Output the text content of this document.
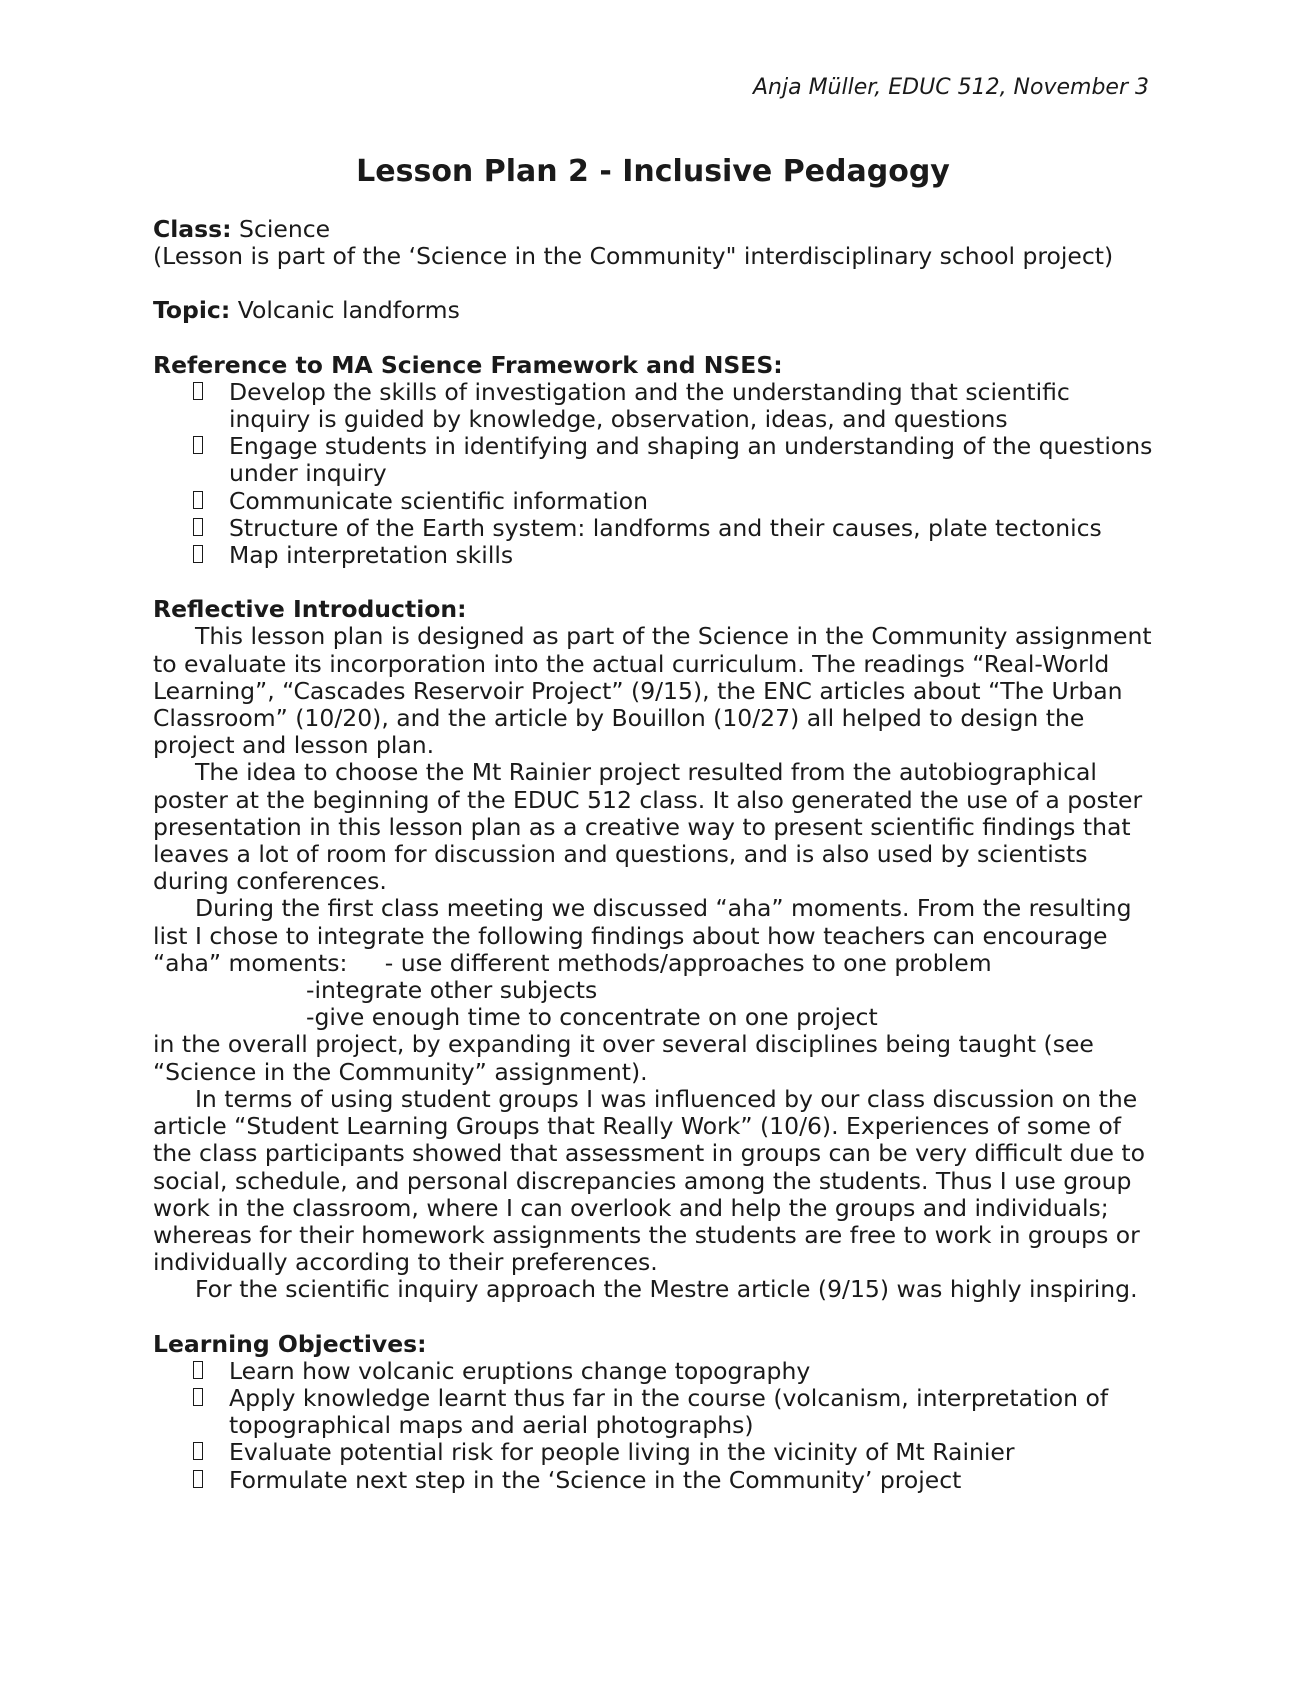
Anja Müller, EDUC 512, November 3
Lesson Plan 2 - Inclusive Pedagogy
Class: Science
(Lesson is part of the ‘Science in the Community" interdisciplinary school project)
Topic: Volcanic landforms
Reference to MA Science Framework and NSES:
Develop the skills of investigation and the understanding that scientific inquiry is guided by knowledge, observation, ideas, and questions
Engage students in identifying and shaping an understanding of the questions under inquiry
Communicate scientific information
Structure of the Earth system: landforms and their causes, plate tectonics
Map interpretation skills
Reflective Introduction:

This lesson plan is designed as part of the Science in the Community assignment to evaluate its incorporation into the actual curriculum. The readings “Real-World Learning”, “Cascades Reservoir Project” (9/15), the ENC articles about “The Urban Classroom” (10/20), and the article by Bouillon (10/27) all helped to design the project and lesson plan.

The idea to choose the Mt Rainier project resulted from the autobiographical poster at the beginning of the EDUC 512 class. It also generated the use of a poster presentation in this lesson plan as a creative way to present scientific findings that leaves a lot of room for discussion and questions, and is also used by scientists during conferences.

During the first class meeting we discussed “aha” moments. From the resulting
list I chose to integrate the following findings about how teachers can encourage
“aha” moments:     - use different methods/approaches to one problem
-integrate other subjects
-give enough time to concentrate on one project
in the overall project, by expanding it over several disciplines being taught (see “Science in the Community” assignment).

In terms of using student groups I was influenced by our class discussion on the article “Student Learning Groups that Really Work” (10/6). Experiences of some of the class participants showed that assessment in groups can be very difficult due to social, schedule, and personal discrepancies among the students. Thus I use group work in the classroom, where I can overlook and help the groups and individuals; whereas for their homework assignments the students are free to work in groups or individually according to their preferences.

For the scientific inquiry approach the Mestre article (9/15) was highly inspiring.

Learning Objectives:
Learn how volcanic eruptions change topography
Apply knowledge learnt thus far in the course (volcanism, interpretation of topographical maps and aerial photographs)
Evaluate potential risk for people living in the vicinity of Mt Rainier
Formulate next step in the ‘Science in the Community’ project
